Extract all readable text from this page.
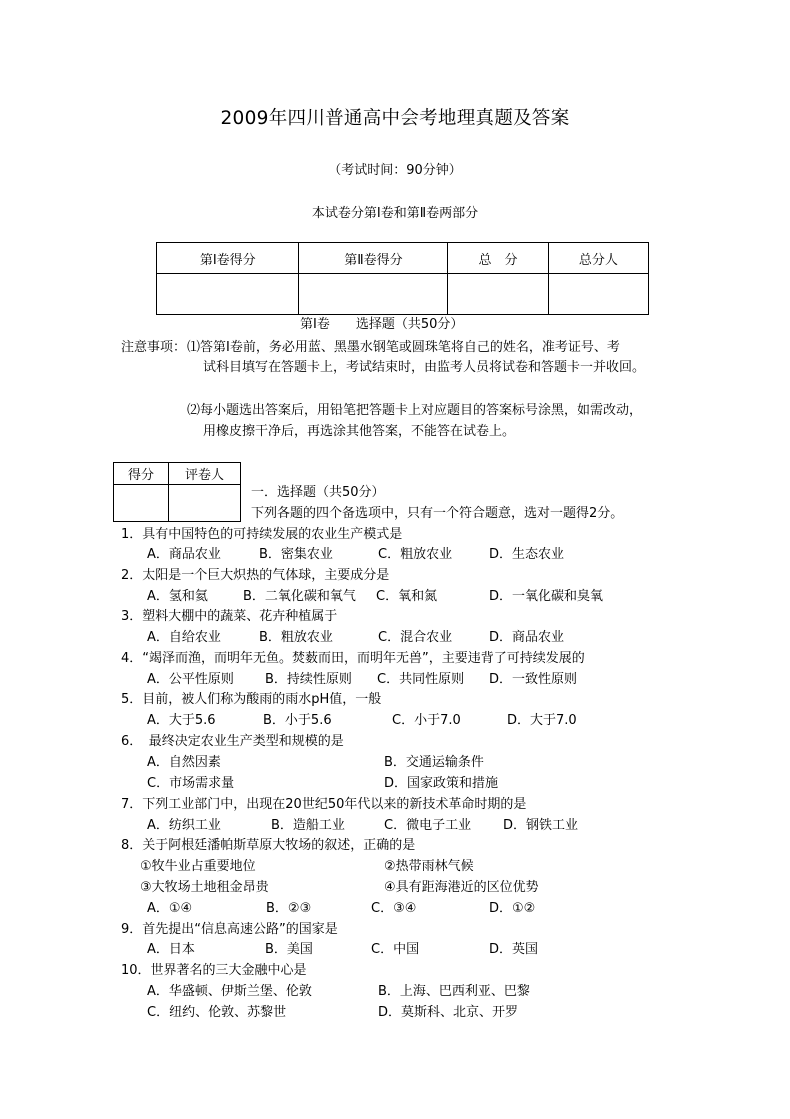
2009年四川普通高中会考地理真题及答案
（考试时间：90分钟）
本试卷分第Ⅰ卷和第Ⅱ卷两部分
第Ⅰ卷得分	第Ⅱ卷得分	总　分	总分人

第Ⅰ卷　　选择题（共50分）
注意事项： ⑴答第Ⅰ卷前，务必用蓝、黑墨水钢笔或圆珠笔将自己的姓名，准考证号、考
试科目填写在答题卡上，考试结束时，由监考人员将试卷和答题卡一并收回。
⑵每小题选出答案后，用铅笔把答题卡上对应题目的答案标号涂黑，如需改动，
用橡皮擦干净后，再选涂其他答案，不能答在试卷上。
得分	评卷人

一．选择题（共50分）
下列各题的四个备选项中，只有一个符合题意，选对一题得2分。
1．具有中国特色的可持续发展的农业生产模式是
A．商品农业	B．密集农业	C．粗放农业	D．生态农业
2．太阳是一个巨大炽热的气体球，主要成分是
A．氢和氦	B．二氧化碳和氧气 C．氧和氮	D．一氧化碳和臭氧
3．塑料大棚中的蔬菜、花卉种植属于
A．自给农业	B．粗放农业	C．混合农业	D．商品农业
4．“竭泽而渔，而明年无鱼。焚薮而田，而明年无兽”，主要违背了可持续发展的
A．公平性原则 B．持续性原则 C．共同性原则 D．一致性原则
5．目前，被人们称为酸雨的雨水pH值，一般
A．大于5.6	B．小于5.6	C．小于7.0	D．大于7.0
6．　最终决定农业生产类型和规模的是
A．自然因素	B．交通运输条件
C．市场需求量	D．国家政策和措施
7．下列工业部门中，出现在20世纪50年代以来的新技术革命时期的是
A．纺织工业	B．造船工业	C．微电子工业 D．钢铁工业
8．关于阿根廷潘帕斯草原大牧场的叙述，正确的是
①牧牛业占重要地位	②热带雨林气候
③大牧场土地租金昂贵	④具有距海港近的区位优势
A．①④	B．②③	C．③④	D．①②
9．首先提出“信息高速公路”的国家是
A．日本	B．美国	C．中国	D．英国
10．世界著名的三大金融中心是
A．华盛顿、伊斯兰堡、伦敦	B．上海、巴西利亚、巴黎
C．纽约、伦敦、苏黎世	D．莫斯科、北京、开罗
